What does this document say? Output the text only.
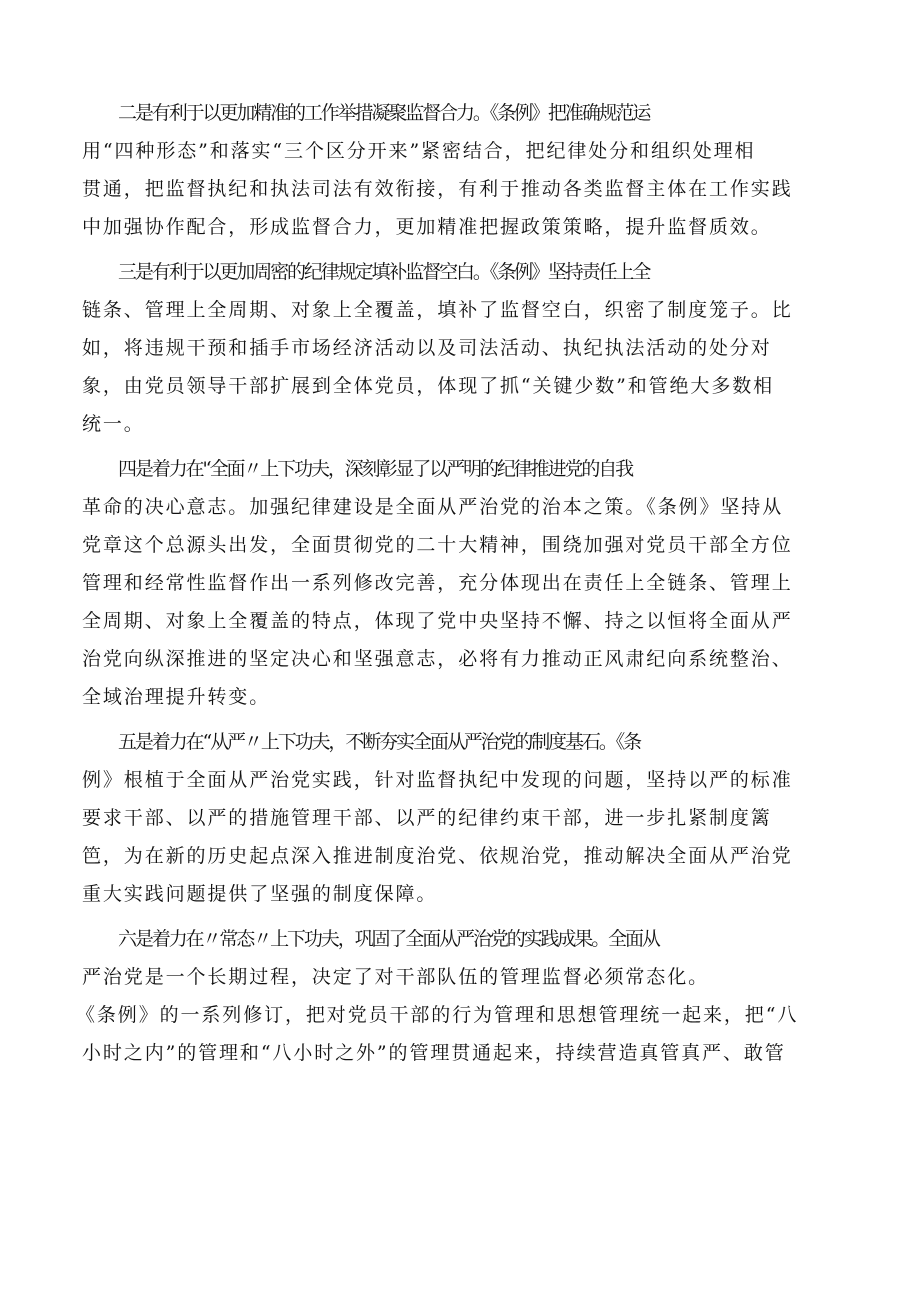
二是有利于以更加精准的工作举措凝聚监督合力。《条例》把准确规范运
用“四种形态”和落实“三个区分开来”紧密结合，把纪律处分和组织处理相
贯通，把监督执纪和执法司法有效衔接，有利于推动各类监督主体在工作实践
中加强协作配合，形成监督合力，更加精准把握政策策略，提升监督质效。
三是有利于以更加周密的纪律规定填补监督空白。《条例》坚持责任上全
链条、管理上全周期、对象上全覆盖，填补了监督空白，织密了制度笼子。比
如，将违规干预和插手市场经济活动以及司法活动、执纪执法活动的处分对
象，由党员领导干部扩展到全体党员，体现了抓“关键少数”和管绝大多数相
统一。
四是着力在'‘全面〃上下功夫，深刻彰显了以严明的纪律推进党的自我
革命的决心意志。加强纪律建设是全面从严治党的治本之策。《条例》坚持从
党章这个总源头出发，全面贯彻党的二十大精神，围绕加强对党员干部全方位
管理和经常性监督作出一系列修改完善，充分体现出在责任上全链条、管理上
全周期、对象上全覆盖的特点，体现了党中央坚持不懈、持之以恒将全面从严
治党向纵深推进的坚定决心和坚强意志，必将有力推动正风肃纪向系统整治、
全域治理提升转变。
五是着力在“从严〃上下功夫，不断夯实全面从严治党的制度基石。《条
例》根植于全面从严治党实践，针对监督执纪中发现的问题，坚持以严的标准
要求干部、以严的措施管理干部、以严的纪律约束干部，进一步扎紧制度篱
笆，为在新的历史起点深入推进制度治党、依规治党，推动解决全面从严治党
重大实践问题提供了坚强的制度保障。
六是着力在〃常态〃上下功夫，巩固了全面从严治党的实践成果。全面从
严治党是一个长期过程，决定了对干部队伍的管理监督必须常态化。
《条例》的一系列修订，把对党员干部的行为管理和思想管理统一起来，把“八
小时之内”的管理和“八小时之外”的管理贯通起来，持续营造真管真严、敢管
